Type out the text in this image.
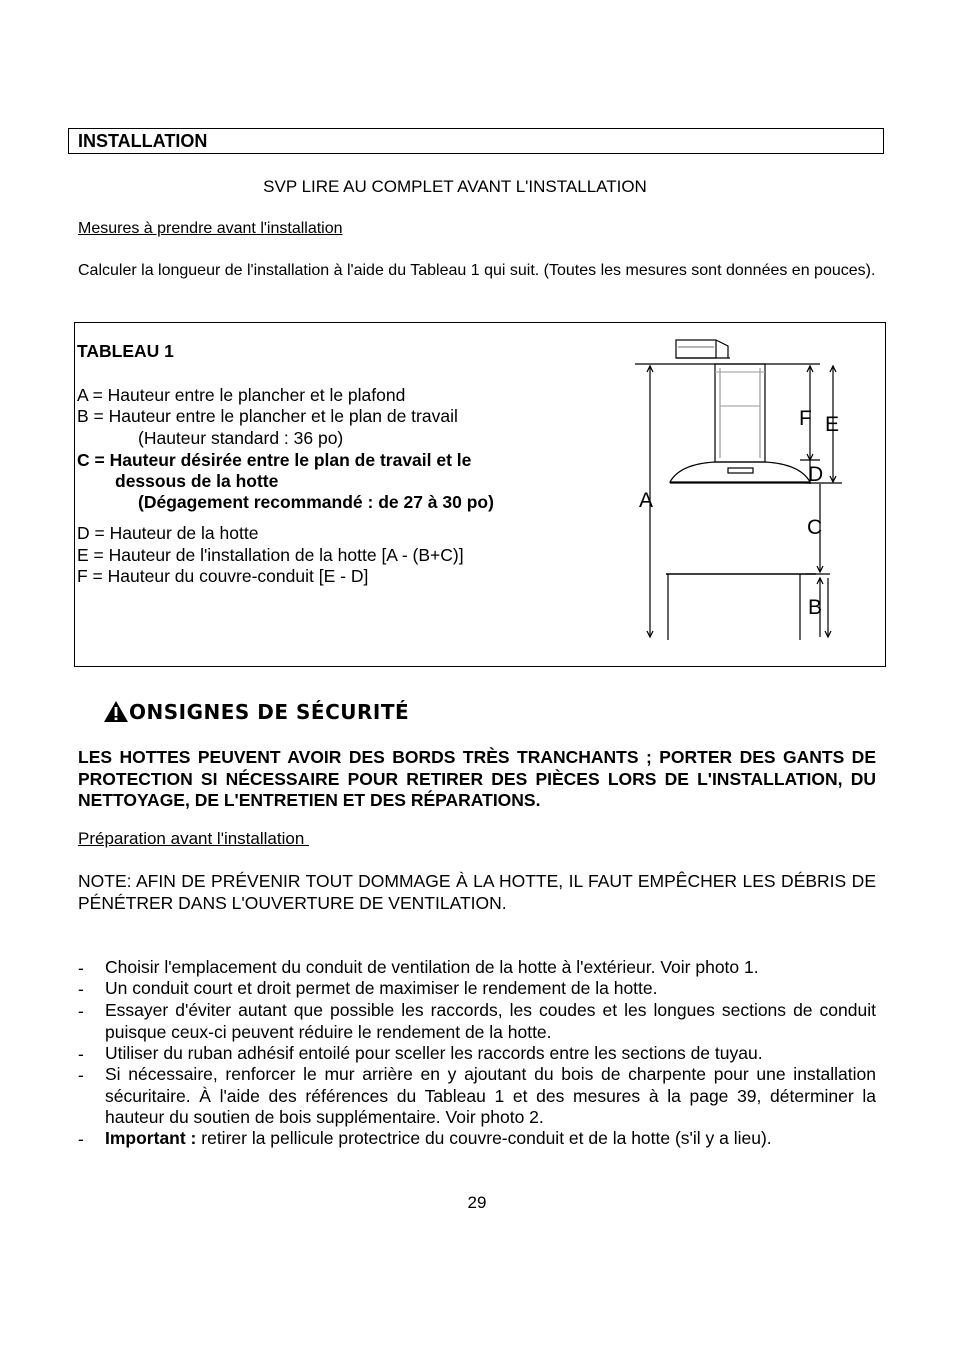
INSTALLATION
SVP LIRE AU COMPLET AVANT L'INSTALLATION
Mesures à prendre avant l'installation
Calculer la longueur de l'installation à l'aide du Tableau 1 qui suit. (Toutes les mesures sont données en pouces).
TABLEAU 1
A = Hauteur entre le plancher et le plafond
B = Hauteur entre le plancher et le plan de travail
(Hauteur standard : 36 po)
C = Hauteur désirée entre le plan de travail et le
dessous de la hotte
(Dégagement recommandé : de 27 à 30 po)
D = Hauteur de la hotte
E = Hauteur de l'installation de la hotte [A - (B+C)]
F = Hauteur du couvre-conduit [E - D]
A
B
C
D
E
F
ONSIGNES DE SÉCURITÉ
LES HOTTES PEUVENT AVOIR DES BORDS TRÈS TRANCHANTS ; PORTER DES GANTS DE PROTECTION SI NÉCESSAIRE POUR RETIRER DES PIÈCES LORS DE L'INSTALLATION, DU NETTOYAGE, DE L'ENTRETIEN ET DES RÉPARATIONS.
Préparation avant l'installation
NOTE: AFIN DE PRÉVENIR TOUT DOMMAGE À LA HOTTE, IL FAUT EMPÊCHER LES DÉBRIS DE PÉNÉTRER DANS L'OUVERTURE DE VENTILATION.
- Choisir l'emplacement du conduit de ventilation de la hotte à l'extérieur. Voir photo 1.
- Un conduit court et droit permet de maximiser le rendement de la hotte.
- Essayer d'éviter autant que possible les raccords, les coudes et les longues sections de conduit puisque ceux-ci peuvent réduire le rendement de la hotte.
- Utiliser du ruban adhésif entoilé pour sceller les raccords entre les sections de tuyau.
- Si nécessaire, renforcer le mur arrière en y ajoutant du bois de charpente pour une installation sécuritaire. À l'aide des références du Tableau 1 et des mesures à la page 39, déterminer la hauteur du soutien de bois supplémentaire. Voir photo 2.
- Important : retirer la pellicule protectrice du couvre-conduit et de la hotte (s'il y a lieu).
29
